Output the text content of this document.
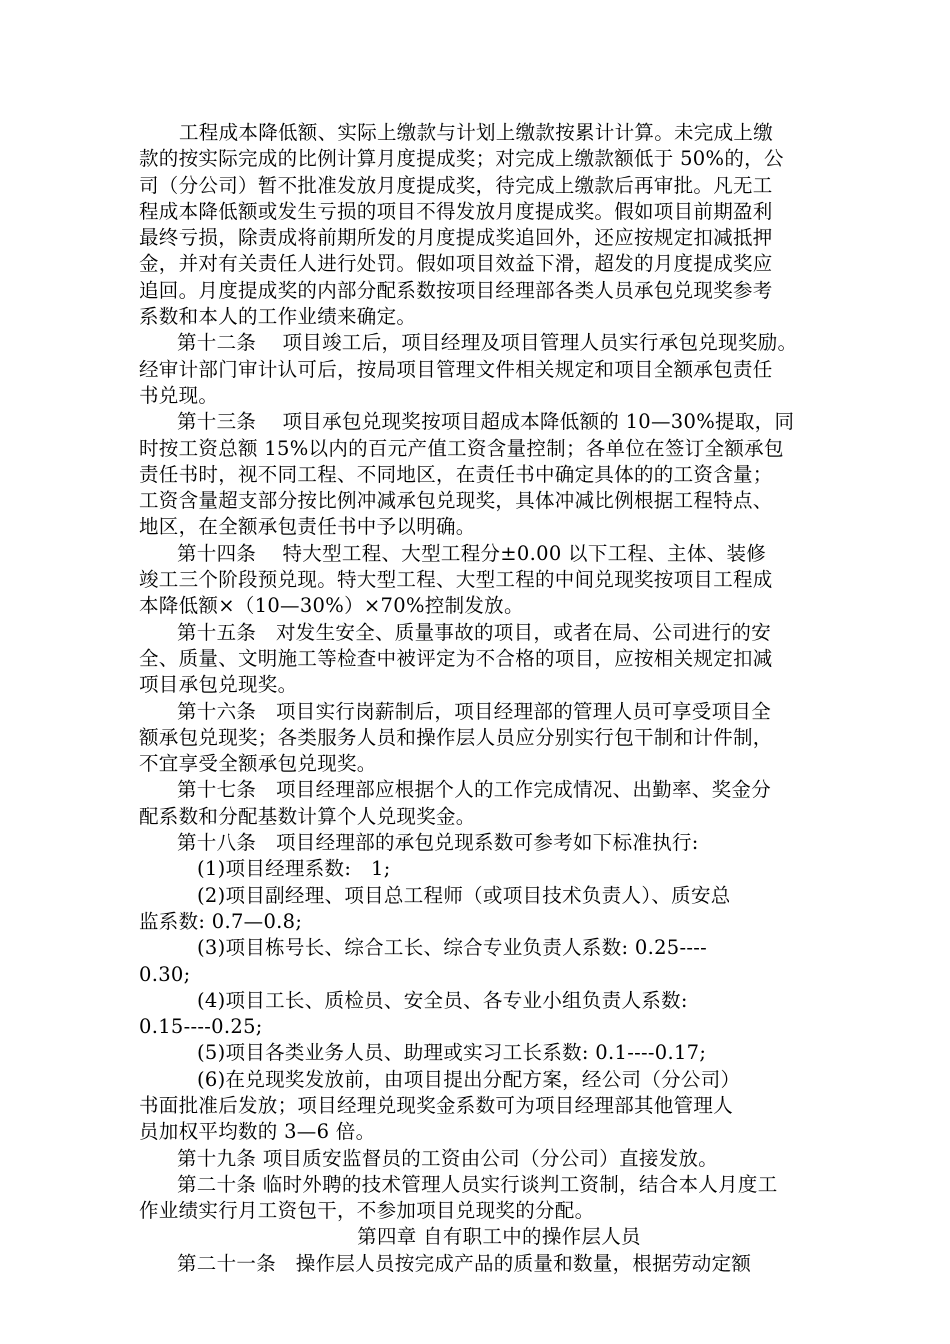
工程成本降低额、实际上缴款与计划上缴款按累计计算。未完成上缴
款的按实际完成的比例计算月度提成奖；对完成上缴款额低于 50%的，公
司（分公司）暂不批准发放月度提成奖，待完成上缴款后再审批。凡无工
程成本降低额或发生亏损的项目不得发放月度提成奖。假如项目前期盈利
最终亏损，除责成将前期所发的月度提成奖追回外，还应按规定扣减抵押
金，并对有关责任人进行处罚。假如项目效益下滑，超发的月度提成奖应
追回。月度提成奖的内部分配系数按项目经理部各类人员承包兑现奖参考
系数和本人的工作业绩来确定。
第十二条　 项目竣工后，项目经理及项目管理人员实行承包兑现奖励。
经审计部门审计认可后，按局项目管理文件相关规定和项目全额承包责任
书兑现。
第十三条　 项目承包兑现奖按项目超成本降低额的 10—30%提取，同
时按工资总额 15%以内的百元产值工资含量控制；各单位在签订全额承包
责任书时，视不同工程、不同地区，在责任书中确定具体的的工资含量；
工资含量超支部分按比例冲减承包兑现奖，具体冲减比例根据工程特点、
地区，在全额承包责任书中予以明确。
第十四条　 特大型工程、大型工程分±0.00 以下工程、主体、装修
竣工三个阶段预兑现。特大型工程、大型工程的中间兑现奖按项目工程成
本降低额×（10—30%）×70%控制发放。
第十五条　对发生安全、质量事故的项目，或者在局、公司进行的安
全、质量、文明施工等检查中被评定为不合格的项目，应按相关规定扣减
项目承包兑现奖。
第十六条　项目实行岗薪制后，项目经理部的管理人员可享受项目全
额承包兑现奖；各类服务人员和操作层人员应分别实行包干制和计件制，
不宜享受全额承包兑现奖。
第十七条　项目经理部应根据个人的工作完成情况、出勤率、奖金分
配系数和分配基数计算个人兑现奖金。
第十八条　项目经理部的承包兑现系数可参考如下标准执行:
(1)项目经理系数:　1;
(2)项目副经理、项目总工程师（或项目技术负责人）、质安总
监系数: 0.7—0.8;
(3)项目栋号长、综合工长、综合专业负责人系数: 0.25----
0.30;
(4)项目工长、质检员、安全员、各专业小组负责人系数:
0.15----0.25;
(5)项目各类业务人员、助理或实习工长系数: 0.1----0.17;
(6)在兑现奖发放前，由项目提出分配方案，经公司（分公司）
书面批准后发放；项目经理兑现奖金系数可为项目经理部其他管理人
员加权平均数的 3—6 倍。
第十九条 项目质安监督员的工资由公司（分公司）直接发放。
第二十条 临时外聘的技术管理人员实行谈判工资制，结合本人月度工
作业绩实行月工资包干，不参加项目兑现奖的分配。
第四章 自有职工中的操作层人员
第二十一条　操作层人员按完成产品的质量和数量，根据劳动定额
